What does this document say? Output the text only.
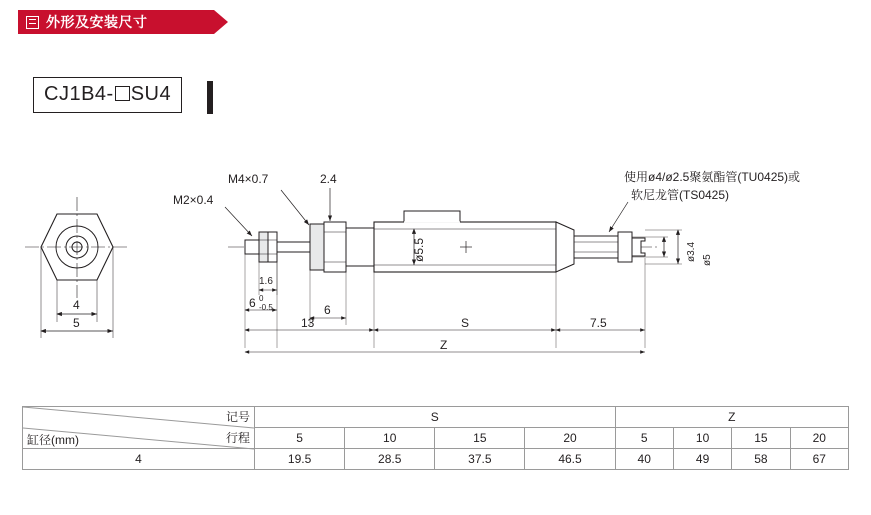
外形及安装尺寸
CJ1B4- SU4
M2×0.4
M4×0.7	2.4	使用ø4/ø2.5聚氨酯管(TU0425)或
软尼龙管(TS0425)
ø5.5	ø3.4 ø5
1.6
6 0
-0.5	6
13	S	7.5
Z
4
5
记号
行程
缸径(mm)	S				Z			
	5	10	15	20	5	10	15	20
4	19.5	28.5	37.5	46.5	40	49	58	67
